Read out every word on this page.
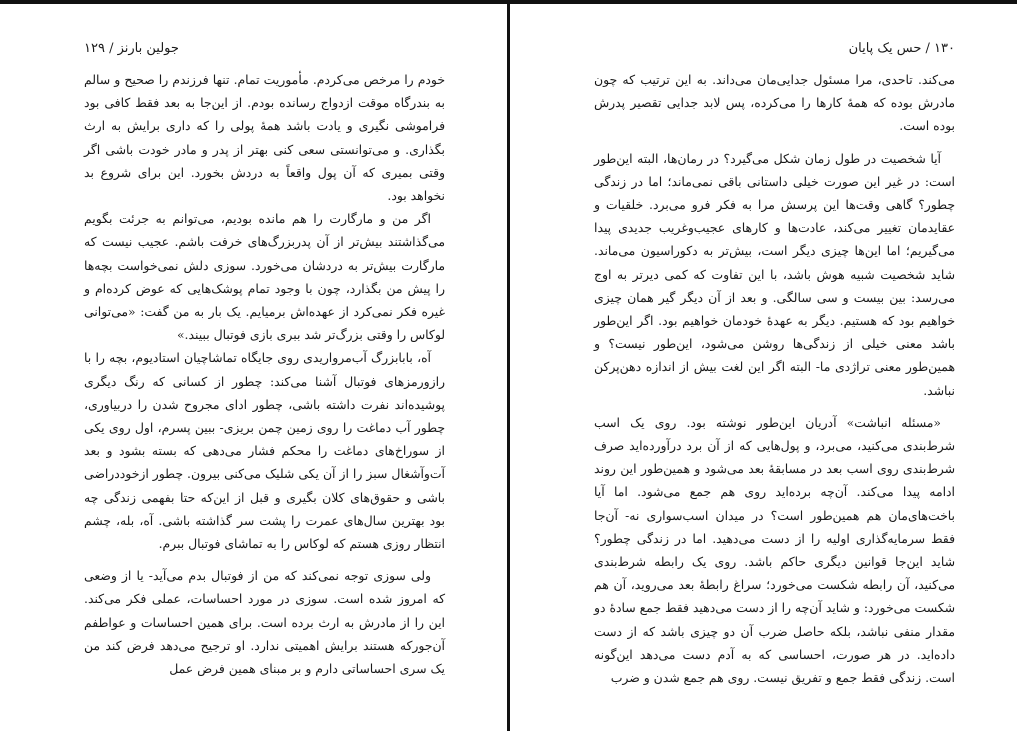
جولین بارنز / ۱۲۹

خودم را مرخص می‌کردم. مأموریت تمام. تنها فرزندم را صحیح و سالم به بندرگاه موقت ازدواج رسانده بودم. از این‌جا به بعد فقط کافی بود فراموشی نگیری و یادت باشد همهٔ پولی را که داری برایش به ارث بگذاری. و می‌توانستی سعی کنی بهتر از پدر و مادر خودت باشی اگر وقتی بمیری که آن پول واقعاً به دردش بخورد. این برای شروع بد نخواهد بود.

اگر من و مارگارت را هم مانده بودیم، می‌توانم به جرئت بگویم می‌گذاشتند بیش‌تر از آن پدربزرگ‌های خرفت باشم. عجیب نیست که مارگارت بیش‌تر به دردشان می‌خورد. سوزی دلش نمی‌خواست بچه‌ها را پیش من بگذارد، چون با وجود تمام پوشک‌هایی که عوض کرده‌ام و غیره فکر نمی‌کرد از عهده‌اش برمیایم. یک بار به من گفت: «می‌توانی لوکاس را وقتی بزرگ‌تر شد ببری بازی فوتبال ببیند.»

آه، بابابزرگ آب‌مرواریدی روی جایگاه تماشاچیان استادیوم، بچه را با رازورمزهای فوتبال آشنا می‌کند: چطور از کسانی که رنگ دیگری پوشیده‌اند نفرت داشته باشی، چطور ادای مجروح شدن را دربیاوری، چطور آب دماغت را روی زمین چمن بریزی- ببین پسرم، اول روی یکی از سوراخ‌های دماغت را محکم فشار می‌دهی که بسته بشود و بعد آت‌وآشغال سبز را از آن یکی شلیک می‌کنی بیرون. چطور ازخوددراضی باشی و حقوق‌های کلان بگیری و قبل از این‌که حتا بفهمی زندگی چه بود بهترین سال‌های عمرت را پشت سر گذاشته باشی. آه، بله، چشم انتظار روزی هستم که لوکاس را به تماشای فوتبال ببرم.

ولی سوزی توجه نمی‌کند که من از فوتبال بدم می‌آید- یا از وضعی که امروز شده است. سوزی در مورد احساسات، عملی فکر می‌کند. این را از مادرش به ارث برده است. برای همین احساسات و عواطفم آن‌جورکه هستند برایش اهمیتی ندارد. او ترجیح می‌دهد فرض کند من یک سری احساساتی دارم و بر مبنای همین فرض عمل

۱۳۰ / حس یک پایان

می‌کند. تاحدی، مرا مسئول جدایی‌مان می‌داند. به این ترتیب که چون مادرش بوده که همهٔ کارها را می‌کرده، پس لابد جدایی تقصیر پدرش بوده است.

آیا شخصیت در طول زمان شکل می‌گیرد؟ در رمان‌ها، البته این‌طور است: در غیر این صورت خیلی داستانی باقی نمی‌ماند؛ اما در زندگی چطور؟ گاهی وقت‌ها این پرسش مرا به فکر فرو می‌برد. خلقیات و عقایدمان تغییر می‌کند، عادت‌ها و کارهای عجیب‌وغریب جدیدی پیدا می‌گیریم؛ اما این‌ها چیزی دیگر است، بیش‌تر به دکوراسیون می‌ماند. شاید شخصیت شبیه هوش باشد، با این تفاوت که کمی دیرتر به اوج می‌رسد: بین بیست و سی سالگی. و بعد از آن دیگر گیر همان چیزی خواهیم بود که هستیم. دیگر به عهدهٔ خودمان خواهیم بود. اگر این‌طور باشد معنی خیلی از زندگی‌ها روشن می‌شود، این‌طور نیست؟ و همین‌طور معنی تراژدی ما- البته اگر این لغت بیش از اندازه دهن‌پرکن نباشد.

«مسئله انباشت» آدریان این‌طور نوشته بود. روی یک اسب شرط‌بندی می‌کنید، می‌برد، و پول‌هایی که از آن برد درآورده‌اید صرف شرط‌بندی روی اسب بعد در مسابقهٔ بعد می‌شود و همین‌طور این روند ادامه پیدا می‌کند. آن‌چه برده‌اید روی هم جمع می‌شود. اما آیا باخت‌های‌مان هم همین‌طور است؟ در میدان اسب‌سواری نه- آن‌جا فقط سرمایه‌گذاری اولیه را از دست می‌دهید. اما در زندگی چطور؟ شاید این‌جا قوانین دیگری حاکم باشد. روی یک رابطه شرط‌بندی می‌کنید، آن رابطه شکست می‌خورد؛ سراغ رابطهٔ بعد می‌روید، آن هم شکست می‌خورد: و شاید آن‌چه را از دست می‌دهید فقط جمع سادهٔ دو مقدار منفی نباشد، بلکه حاصل ضرب آن دو چیزی باشد که از دست داده‌اید. در هر صورت، احساسی که به آدم دست می‌دهد این‌گونه است. زندگی فقط جمع و تفریق نیست. روی هم جمع شدن و ضرب
